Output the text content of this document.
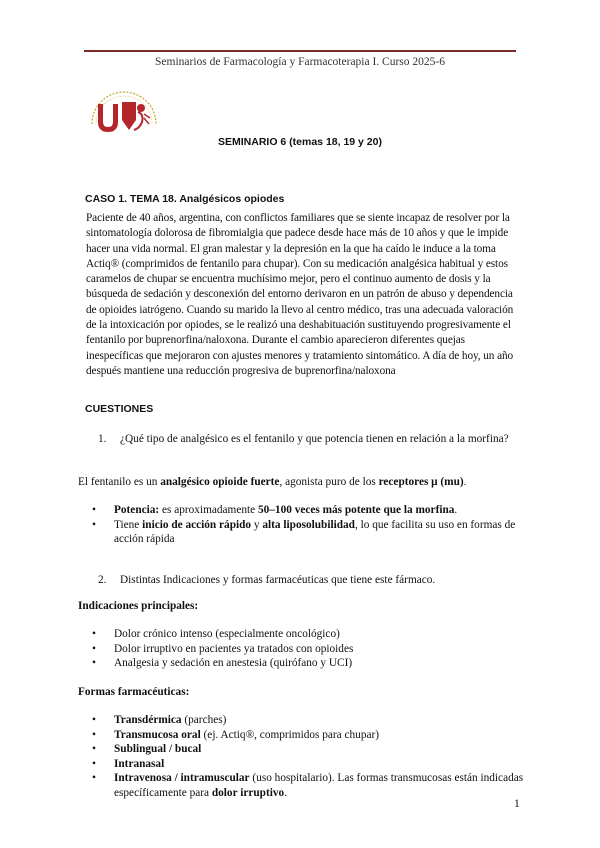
Seminarios de Farmacología y Farmacoterapia I. Curso 2025-6
SEMINARIO 6 (temas 18, 19 y 20)
CASO 1. TEMA 18. Analgésicos opiodes
Paciente de 40 años, argentina, con conflictos familiares que se siente incapaz de resolver por la sintomatología dolorosa de fibromialgia que padece desde hace más de 10 años y que le impide hacer una vida normal. El gran malestar y la depresión en la que ha caído le induce a la toma Actiq® (comprimidos de fentanilo para chupar). Con su medicación analgésica habitual y estos caramelos de chupar se encuentra muchísimo mejor, pero el continuo aumento de dosis y la búsqueda de sedación y desconexión del entorno derivaron en un patrón de abuso y dependencia de opioides iatrógeno. Cuando su marido la llevo al centro médico, tras una adecuada valoración de la intoxicación por opiodes, se le realizó una deshabituación sustituyendo progresivamente el fentanilo por buprenorfina/naloxona. Durante el cambio aparecieron diferentes quejas inespecíficas que mejoraron con ajustes menores y tratamiento sintomático. A día de hoy, un año después mantiene una reducción progresiva de buprenorfina/naloxona
CUESTIONES
1.	¿Qué tipo de analgésico es el fentanilo y que potencia tienen en relación a la morfina?
El fentanilo es un analgésico opioide fuerte, agonista puro de los receptores μ (mu).
• Potencia: es aproximadamente 50–100 veces más potente que la morfina.
• Tiene inicio de acción rápido y alta liposolubilidad, lo que facilita su uso en formas de acción rápida
2.	Distintas Indicaciones y formas farmacéuticas que tiene este fármaco.
Indicaciones principales:
• Dolor crónico intenso (especialmente oncológico)
• Dolor irruptivo en pacientes ya tratados con opioides
• Analgesia y sedación en anestesia (quirófano y UCI)
Formas farmacéuticas:
• Transdérmica (parches)
• Transmucosa oral (ej. Actiq®, comprimidos para chupar)
• Sublingual / bucal
• Intranasal
• Intravenosa / intramuscular (uso hospitalario). Las formas transmucosas están indicadas específicamente para dolor irruptivo.
1
